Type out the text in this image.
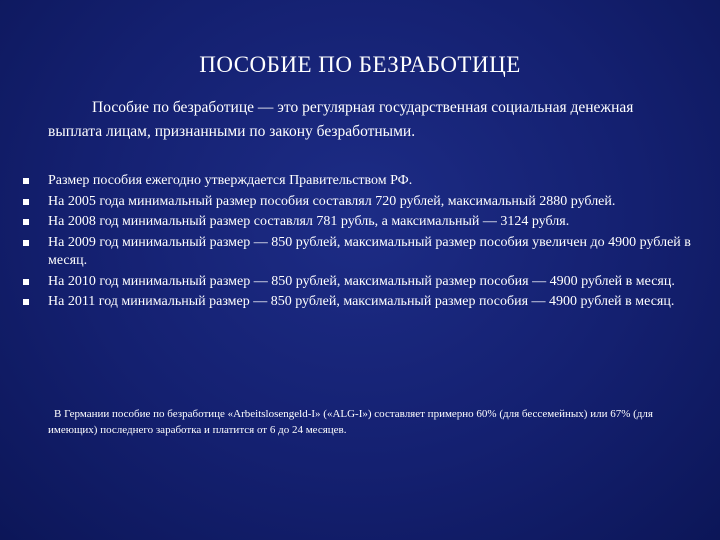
ПОСОБИЕ ПО БЕЗРАБОТИЦЕ
Пособие по безработице — это регулярная государственная социальная денежная выплата лицам, признанными по закону безработными.
Размер пособия ежегодно утверждается Правительством РФ.
На 2005 года минимальный размер пособия составлял 720 рублей, максимальный 2880 рублей.
На 2008 год минимальный размер составлял 781 рубль, а максимальный — 3124 рубля.
На 2009 год минимальный размер — 850 рублей, максимальный размер пособия увеличен до 4900 рублей в месяц.
На 2010 год минимальный размер — 850 рублей, максимальный размер пособия — 4900 рублей в месяц.
На 2011 год минимальный размер — 850 рублей, максимальный размер пособия — 4900 рублей в месяц.
В Германии пособие по безработице «Arbeitslosengeld-I» («ALG-I») составляет примерно 60% (для бессемейных) или 67% (для имеющих) последнего заработка и платится от 6 до 24 месяцев.
